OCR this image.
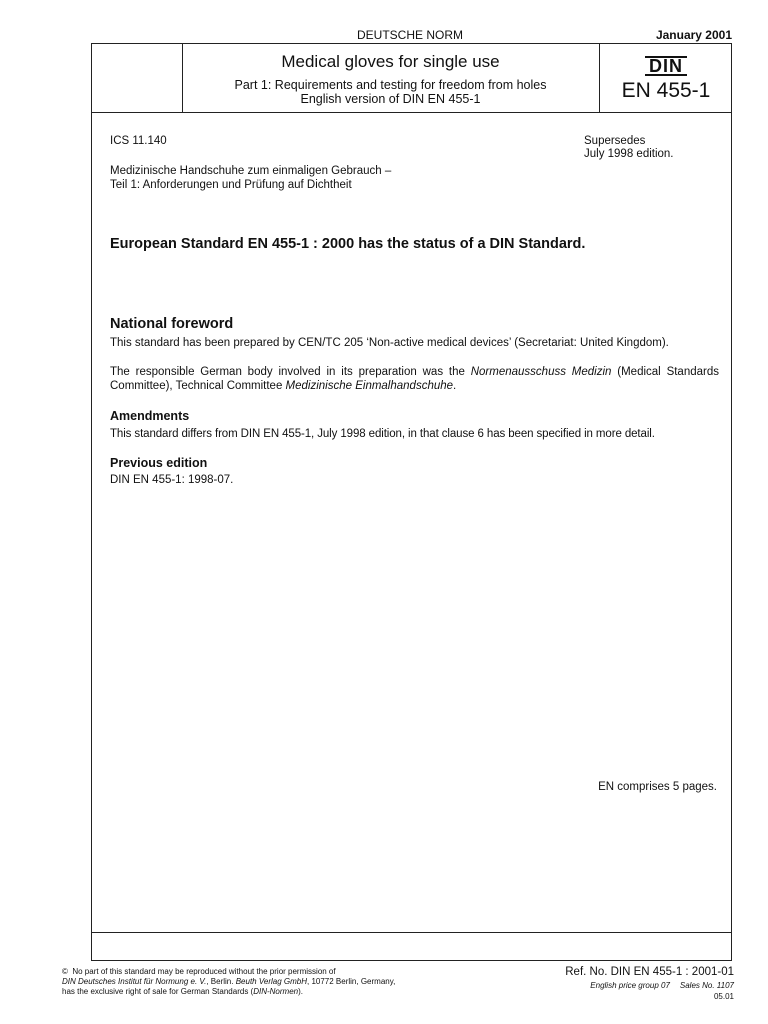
DEUTSCHE NORM	January 2001
Medical gloves for single use
Part 1: Requirements and testing for freedom from holes
English version of DIN EN 455-1
DIN
EN 455-1
ICS 11.140	Supersedes
July 1998 edition.
Medizinische Handschuhe zum einmaligen Gebrauch –
Teil 1: Anforderungen und Prüfung auf Dichtheit
European Standard EN 455-1 : 2000 has the status of a DIN Standard.
National foreword
This standard has been prepared by CEN/TC 205 ‘Non-active medical devices’ (Secretariat: United Kingdom).
The responsible German body involved in its preparation was the Normenausschuss Medizin (Medical Standards Committee), Technical Committee Medizinische Einmalhandschuhe.
Amendments
This standard differs from DIN EN 455-1, July 1998 edition, in that clause 6 has been specified in more detail.
Previous edition
DIN EN 455-1: 1998-07.
EN comprises 5 pages.
© No part of this standard may be reproduced without the prior permission of
DIN Deutsches Institut für Normung e. V., Berlin. Beuth Verlag GmbH, 10772 Berlin, Germany,
has the exclusive right of sale for German Standards (DIN-Normen).
Ref. No. DIN EN 455-1 : 2001-01
English price group 07 Sales No. 1107
05.01
